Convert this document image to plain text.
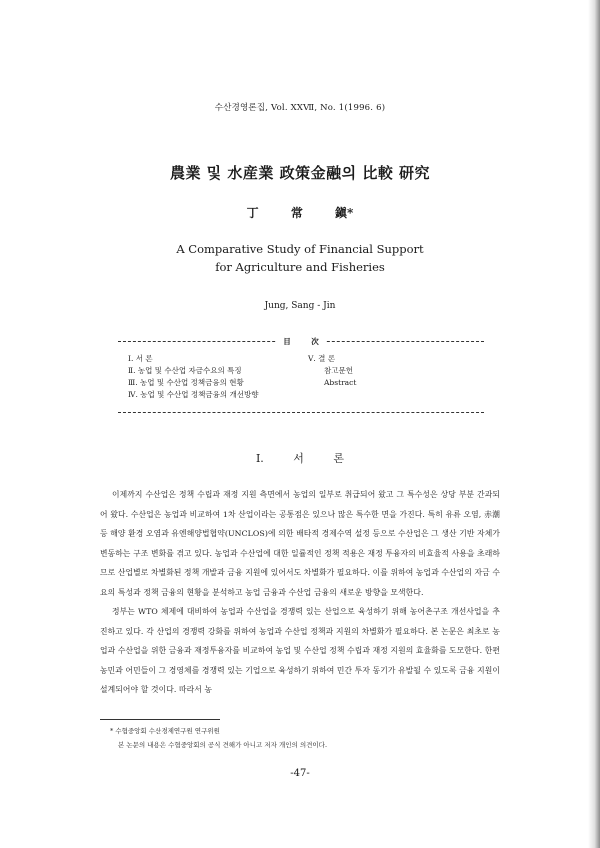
수산경영론집, Vol. ⅩⅩⅦ, No. 1(1996. 6)
農業 및 水産業 政策金融의 比較 研究
丁 常 鎭*
A Comparative Study of Financial Support
for Agriculture and Fisheries
Jung, Sang - Jin
目 次
Ⅰ. 서 론
Ⅱ. 농업 및 수산업 자금수요의 특징
Ⅲ. 농업 및 수산업 정책금융의 현황
Ⅳ. 농업 및 수산업 정책금융의 개선방향
Ⅴ. 결 론
참고문헌
Abstract
Ⅰ. 서 론

이제까지 수산업은 정책 수립과 재정 지원 측면에서 농업의 일부로 취급되어 왔고 그 특수성은 상당 부분 간과되어 왔다. 수산업은 농업과 비교하여 1차 산업이라는 공통점은 있으나 많은 특수한 면을 가진다. 특히 유류 오염, 赤潮 등 해양 환경 오염과 유엔해양법협약(UNCLOS)에 의한 배타적 경제수역 설정 등으로 수산업은 그 생산 기반 자체가 변동하는 구조 변화를 겪고 있다. 농업과 수산업에 대한 일률적인 정책 적용은 재정 투융자의 비효율적 사용을 초래하므로 산업별로 차별화된 정책 개발과 금융 지원에 있어서도 차별화가 필요하다. 이를 위하여 농업과 수산업의 자금 수요의 특성과 정책 금융의 현황을 분석하고 농업 금융과 수산업 금융의 새로운 방향을 모색한다.

정부는 WTO 체제에 대비하여 농업과 수산업을 경쟁력 있는 산업으로 육성하기 위해 농어촌구조 개선사업을 추진하고 있다. 각 산업의 경쟁력 강화를 위하여 농업과 수산업 정책과 지원의 차별화가 필요하다. 본 논문은 최초로 농업과 수산업을 위한 금융과 재정투융자를 비교하여 농업 및 수산업 정책 수립과 재정 지원의 효율화를 도모한다. 한편 농민과 어민들이 그 경영체를 경쟁력 있는 기업으로 육성하기 위하여 민간 투자 동기가 유발될 수 있도록 금융 지원이 설계되어야 할 것이다. 따라서 농

* 수협중앙회 수산경제연구원 연구위원
본 논문의 내용은 수협중앙회의 공식 견해가 아니고 저자 개인의 의견이다.
-47-
